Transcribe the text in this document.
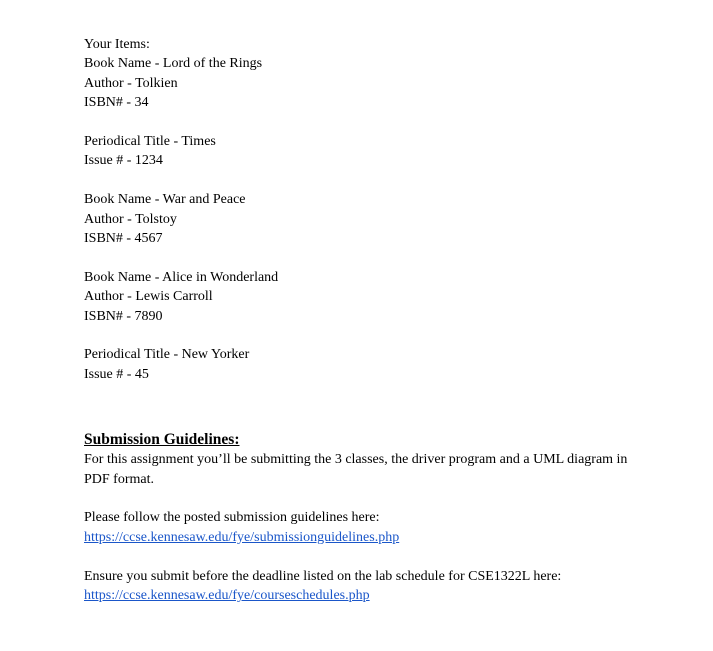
Your Items:
Book Name - Lord of the Rings
Author - Tolkien
ISBN# - 34
Periodical Title - Times
Issue # - 1234
Book Name - War and Peace
Author - Tolstoy
ISBN# - 4567
Book Name - Alice in Wonderland
Author - Lewis Carroll
ISBN# - 7890
Periodical Title - New Yorker
Issue # - 45
Submission Guidelines:
For this assignment you’ll be submitting the 3 classes, the driver program and a UML diagram in PDF format.
Please follow the posted submission guidelines here:
https://ccse.kennesaw.edu/fye/submissionguidelines.php
Ensure you submit before the deadline listed on the lab schedule for CSE1322L here:
https://ccse.kennesaw.edu/fye/courseschedules.php
